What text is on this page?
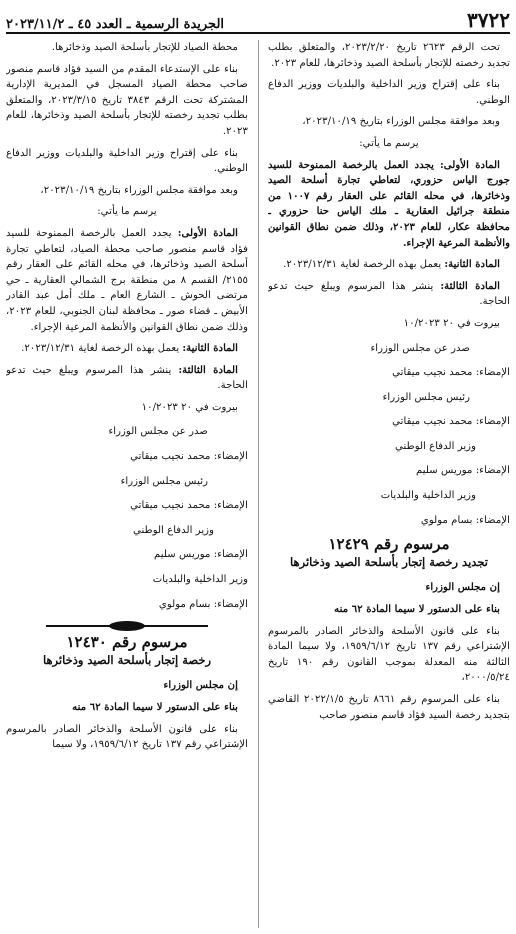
٣٧٢٢
الجريدة الرسمية ـ العدد ٤٥ ـ ٢٠٢٣/١١/٢

تحت الرقم ٢٦٢٣ تاريخ ٢٠٢٣/٢/٢٠، والمتعلق بطلب تجديد رخصته للإتجار بأسلحة الصيد وذخائرها، للعام ٢٠٢٣.

بناء على إقتراح وزير الداخلية والبلديات ووزير الدفاع الوطني.

وبعد موافقة مجلس الوزراء بتاريخ ٢٠٢٣/١٠/١٩،

يرسم ما يأتي:

المادة الأولى: يجدد العمل بالرخصة الممنوحة للسيد جورج الياس حزوري، لتعاطي تجارة أسلحة الصيد وذخائرها، في محله القائم على العقار رقم ١٠٠٧ من منطقة جرائيل العقارية ـ ملك الياس حنا حزوري ـ محافظة عكار، للعام ٢٠٢٣، وذلك ضمن نطاق القوانين والأنظمة المرعية الإجراء.

المادة الثانية: يعمل بهذه الرخصة لغاية ٢٠٢٣/١٢/٣١.

المادة الثالثة: ينشر هذا المرسوم ويبلغ حيث تدعو الحاجة.

بيروت في ٢٠ ١٠/٢٠٢٣

صدر عن مجلس الوزراء

الإمضاء: محمد نجيب ميقاتي

رئيس مجلس الوزراء

الإمضاء: محمد نجيب ميقاتي

وزير الدفاع الوطني

الإمضاء: موريس سليم

وزير الداخلية والبلديات

الإمضاء: بسام مولوي

مرسوم رقم ١٢٤٢٩

تجديد رخصة إتجار بأسلحة الصيد وذخائرها

إن مجلس الوزراء

بناء على الدستور لا سيما المادة ٦٢ منه

بناء على قانون الأسلحة والذخائر الصادر بالمرسوم الإشتراعي رقم ١٣٧ تاريخ ١٩٥٩/٦/١٢، ولا سيما المادة الثالثة منه المعدلة بموجب القانون رقم ١٩٠ تاريخ ٢٠٠٠/٥/٢٤،

بناء على المرسوم رقم ٨٦٦١ تاريخ ٢٠٢٢/١/٥ القاضي بتجديد رخصة السيد فؤاد قاسم منصور صاحب

محطة الصياد للإتجار بأسلحة الصيد وذخائرها.

بناء على الإستدعاء المقدم من السيد فؤاد قاسم منصور صاحب محطة الصياد المسجل في المديرية الإدارية المشتركة تحت الرقم ٣٨٤٣ تاريخ ٢٠٢٣/٣/١٥، والمتعلق بطلب تجديد رخصته للإتجار بأسلحة الصيد وذخائرها، للعام ٢٠٢٣.

بناء على إقتراح وزير الداخلية والبلديات ووزير الدفاع الوطني.

وبعد موافقة مجلس الوزراء بتاريخ ٢٠٢٣/١٠/١٩،

يرسم ما يأتي:

المادة الأولى: يجدد العمل بالرخصة الممنوحة للسيد فؤاد قاسم منصور صاحب محطة الصياد، لتعاطي تجارة أسلحة الصيد وذخائرها، في محله القائم على العقار رقم ٢١٥٥/ القسم ٨ من منطقة برج الشمالي العقارية ـ حي مرتضى الحوش ـ الشارع العام ـ ملك أمل عبد القادر الأبيض ـ قضاء صور ـ محافظة لبنان الجنوبي، للعام ٢٠٢٣، وذلك ضمن نطاق القوانين والأنظمة المرعية الإجراء.

المادة الثانية: يعمل بهذه الرخصة لغاية ٢٠٢٣/١٢/٣١.

المادة الثالثة: ينشر هذا المرسوم ويبلغ حيث تدعو الحاجة.

بيروت في ٢٠ ١٠/٢٠٢٣

صدر عن مجلس الوزراء

الإمضاء: محمد نجيب ميقاتي

رئيس مجلس الوزراء

الإمضاء: محمد نجيب ميقاتي

وزير الدفاع الوطني

الإمضاء: موريس سليم

وزير الداخلية والبلديات

الإمضاء: بسام مولوي

مرسوم رقم ١٢٤٣٠

رخصة إتجار بأسلحة الصيد وذخائرها

إن مجلس الوزراء

بناء على الدستور لا سيما المادة ٦٢ منه

بناء على قانون الأسلحة والذخائر الصادر بالمرسوم الإشتراعي رقم ١٣٧ تاريخ ١٩٥٩/٦/١٢، ولا سيما
